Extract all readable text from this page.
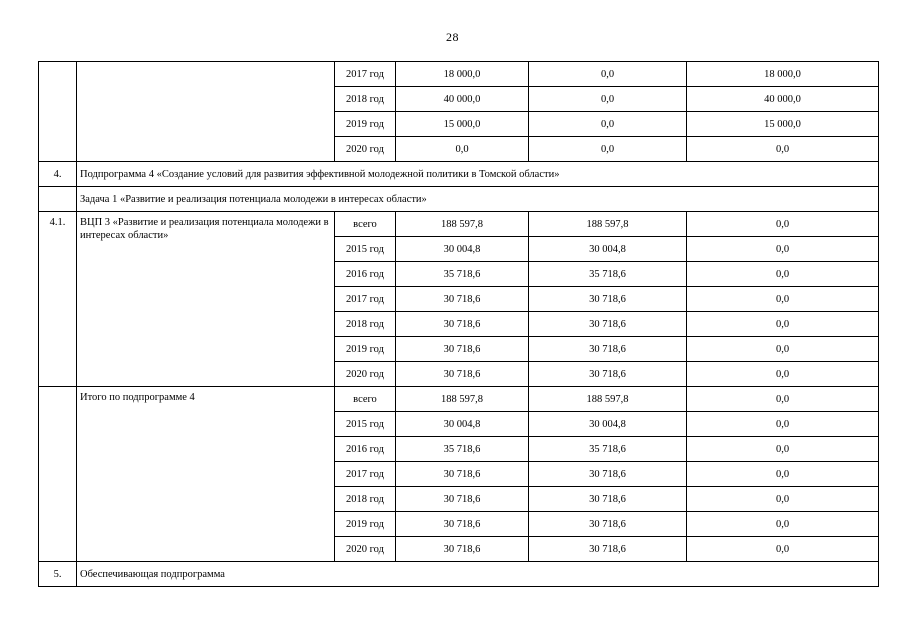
28
		2017 год	18 000,0	0,0	18 000,0
		2018 год	40 000,0	0,0	40 000,0
		2019 год	15 000,0	0,0	15 000,0
		2020 год	0,0	0,0	0,0
4.	Подпрограмма 4 «Создание условий для развития эффективной молодежной политики в Томской области»				
	Задача 1 «Развитие и реализация потенциала молодежи в интересах области»				
4.1.	ВЦП 3 «Развитие и реализация потенциала молодежи в интересах области»	всего	188 597,8	188 597,8	0,0
		2015 год	30 004,8	30 004,8	0,0
		2016 год	35 718,6	35 718,6	0,0
		2017 год	30 718,6	30 718,6	0,0
		2018 год	30 718,6	30 718,6	0,0
		2019 год	30 718,6	30 718,6	0,0
		2020 год	30 718,6	30 718,6	0,0
	Итого по подпрограмме 4	всего	188 597,8	188 597,8	0,0
		2015 год	30 004,8	30 004,8	0,0
		2016 год	35 718,6	35 718,6	0,0
		2017 год	30 718,6	30 718,6	0,0
		2018 год	30 718,6	30 718,6	0,0
		2019 год	30 718,6	30 718,6	0,0
		2020 год	30 718,6	30 718,6	0,0
5.	Обеспечивающая подпрограмма				
